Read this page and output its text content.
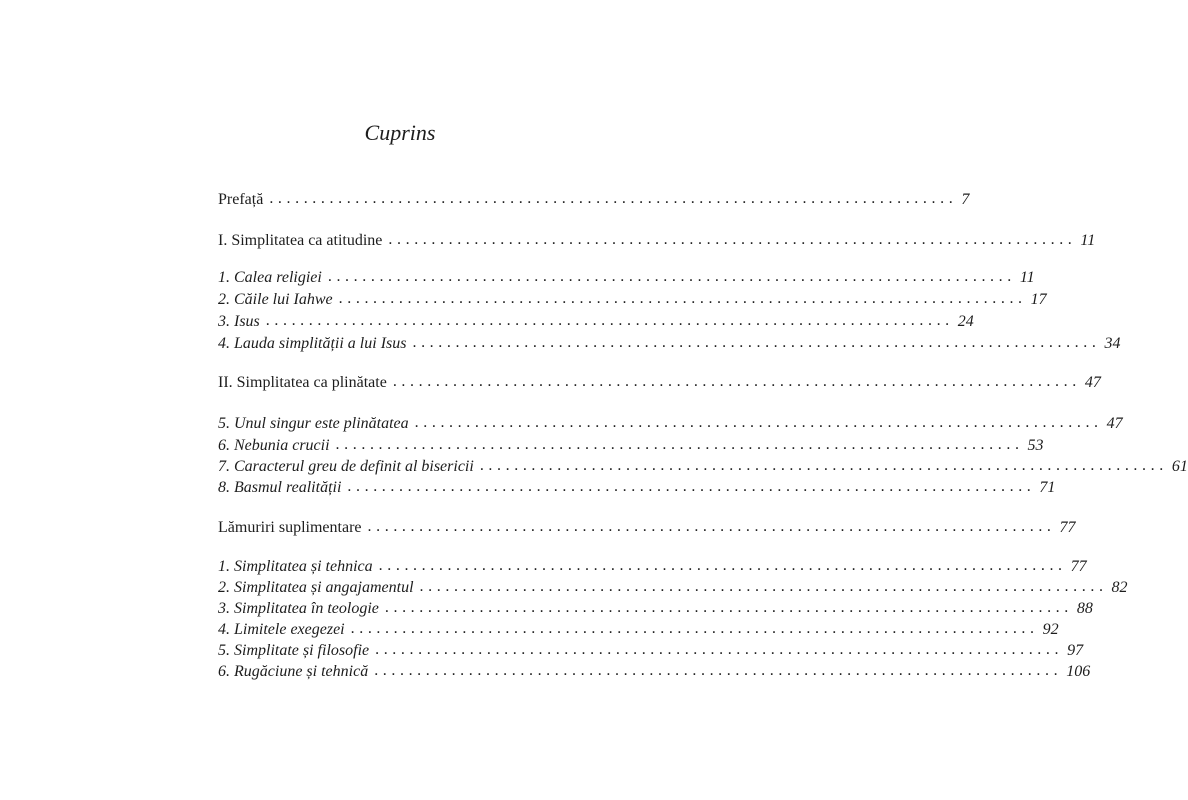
Cuprins
Prefață ................................................................................ 7
I. Simplitatea ca atitudine ................................................................................ 11
1. Calea religiei ................................................................................ 11
2. Căile lui Iahwe ................................................................................ 17
3. Isus ................................................................................ 24
4. Lauda simplității a lui Isus ................................................................................ 34
II. Simplitatea ca plinătate ................................................................................ 47
5. Unul singur este plinătatea ................................................................................ 47
6. Nebunia crucii ................................................................................ 53
7. Caracterul greu de definit al bisericii ................................................................................ 61
8. Basmul realității ................................................................................ 71
Lămuriri suplimentare ................................................................................ 77
1. Simplitatea și tehnica ................................................................................ 77
2. Simplitatea și angajamentul ................................................................................ 82
3. Simplitatea în teologie ................................................................................ 88
4. Limitele exegezei ................................................................................ 92
5. Simplitate și filosofie ................................................................................ 97
6. Rugăciune și tehnică ................................................................................ 106
